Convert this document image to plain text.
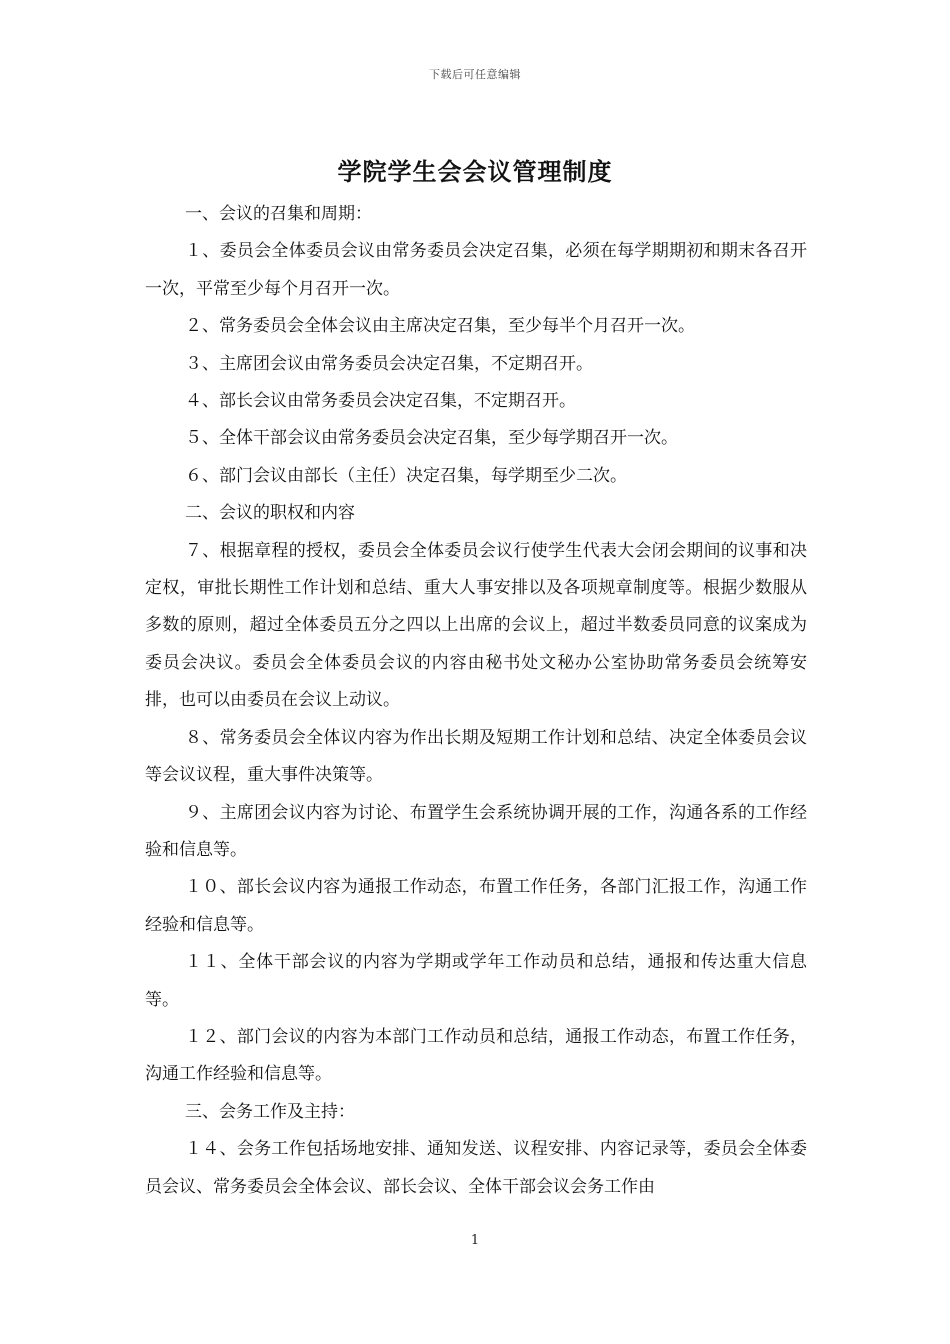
下载后可任意编辑
学院学生会会议管理制度

一、会议的召集和周期：

１、委员会全体委员会议由常务委员会决定召集，必须在每学期期初和期末各召开一次，平常至少每个月召开一次。

２、常务委员会全体会议由主席决定召集，至少每半个月召开一次。

３、主席团会议由常务委员会决定召集，不定期召开。

４、部长会议由常务委员会决定召集，不定期召开。

５、全体干部会议由常务委员会决定召集，至少每学期召开一次。

６、部门会议由部长（主任）决定召集，每学期至少二次。

二、会议的职权和内容

７、根据章程的授权，委员会全体委员会议行使学生代表大会闭会期间的议事和决定权，审批长期性工作计划和总结、重大人事安排以及各项规章制度等。根据少数服从多数的原则，超过全体委员五分之四以上出席的会议上，超过半数委员同意的议案成为委员会决议。委员会全体委员会议的内容由秘书处文秘办公室协助常务委员会统筹安排，也可以由委员在会议上动议。

８、常务委员会全体议内容为作出长期及短期工作计划和总结、决定全体委员会议等会议议程，重大事件决策等。

９、主席团会议内容为讨论、布置学生会系统协调开展的工作，沟通各系的工作经验和信息等。

１０、部长会议内容为通报工作动态，布置工作任务，各部门汇报工作，沟通工作经验和信息等。

１１、全体干部会议的内容为学期或学年工作动员和总结，通报和传达重大信息等。

１２、部门会议的内容为本部门工作动员和总结，通报工作动态，布置工作任务，沟通工作经验和信息等。

三、会务工作及主持：

１４、会务工作包括场地安排、通知发送、议程安排、内容记录等，委员会全体委员会议、常务委员会全体会议、部长会议、全体干部会议会务工作由

1
